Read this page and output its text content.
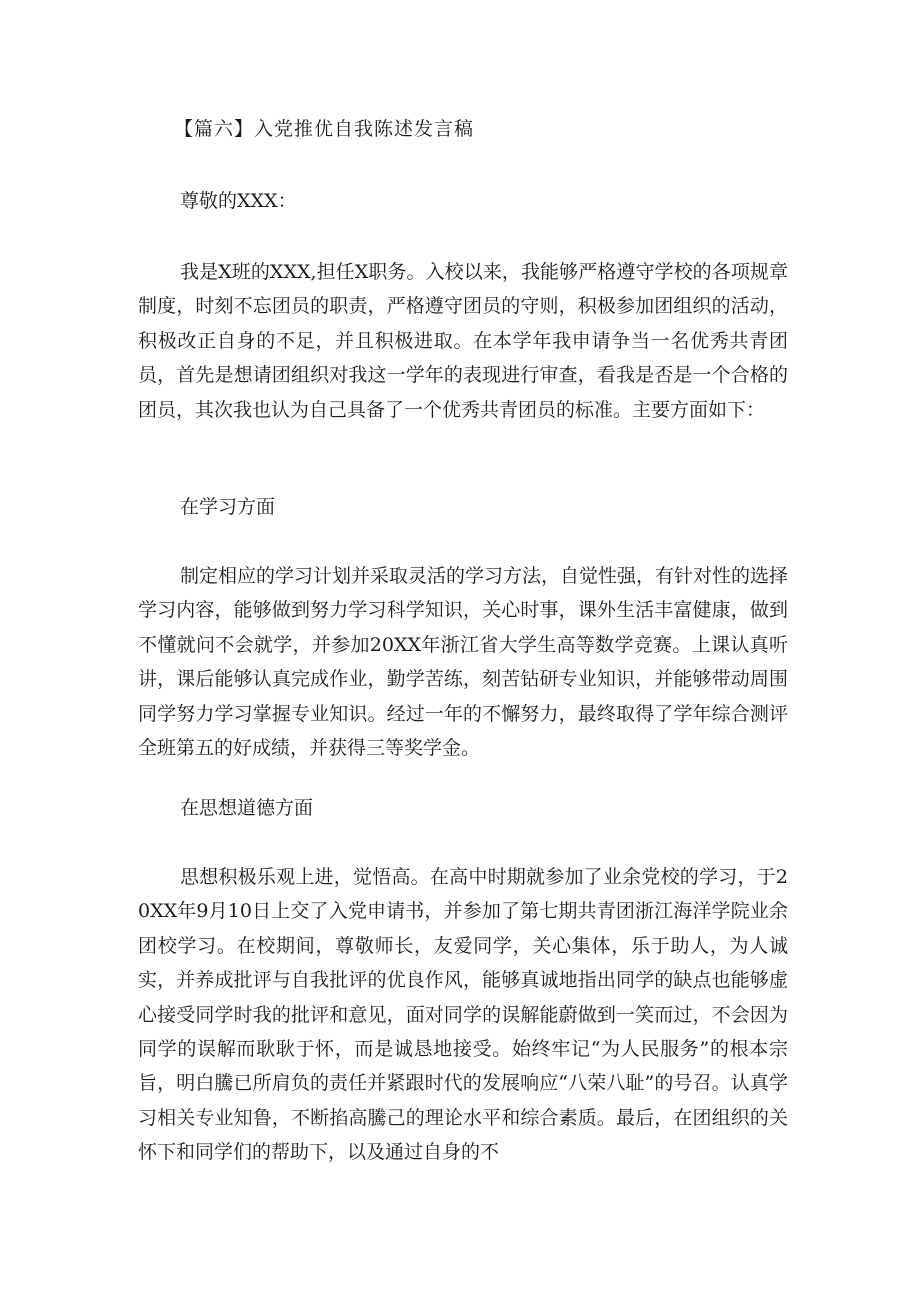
【篇六】入党推优自我陈述发言稿
尊敬的XXX：
我是X班的XXX,担任X职务。入校以来，我能够严格遵守学校的各项规章制度，时刻不忘团员的职责，严格遵守团员的守则，积极参加团组织的活动，积极改正自身的不足，并且积极进取。在本学年我申请争当一名优秀共青团员，首先是想请团组织对我这一学年的表现进行审查，看我是否是一个合格的团员，其次我也认为自己具备了一个优秀共青团员的标准。主要方面如下：
在学习方面
制定相应的学习计划并采取灵活的学习方法，自觉性强，有针对性的选择学习内容，能够做到努力学习科学知识，关心时事，课外生活丰富健康，做到不懂就问不会就学，并参加20XX年浙江省大学生高等数学竞赛。上课认真听讲，课后能够认真完成作业，勤学苦练，刻苦钻研专业知识，并能够带动周围同学努力学习掌握专业知识。经过一年的不懈努力，最终取得了学年综合测评全班第五的好成绩，并获得三等奖学金。
在思想道德方面
思想积极乐观上进，觉悟高。在高中时期就参加了业余党校的学习，于20XX年9月10日上交了入党申请书，并参加了第七期共青团浙江海洋学院业余团校学习。在校期间，尊敬师长，友爱同学，关心集体，乐于助人，为人诚实，并养成批评与自我批评的优良作风，能够真诚地指出同学的缺点也能够虚心接受同学时我的批评和意见，面对同学的误解能蔚做到一笑而过，不会因为同学的误解而耿耿于怀，而是诚恳地接受。始终牢记“为人民服务”的根本宗旨，明白騰已所肩负的责任并紧跟时代的发展响应“八荣八耻”的号召。认真学习相关专业知鲁，不断掐高騰己的理论水平和综合素质。最后，在团组织的关怀下和同学们的帮助下，以及通过自身的不
